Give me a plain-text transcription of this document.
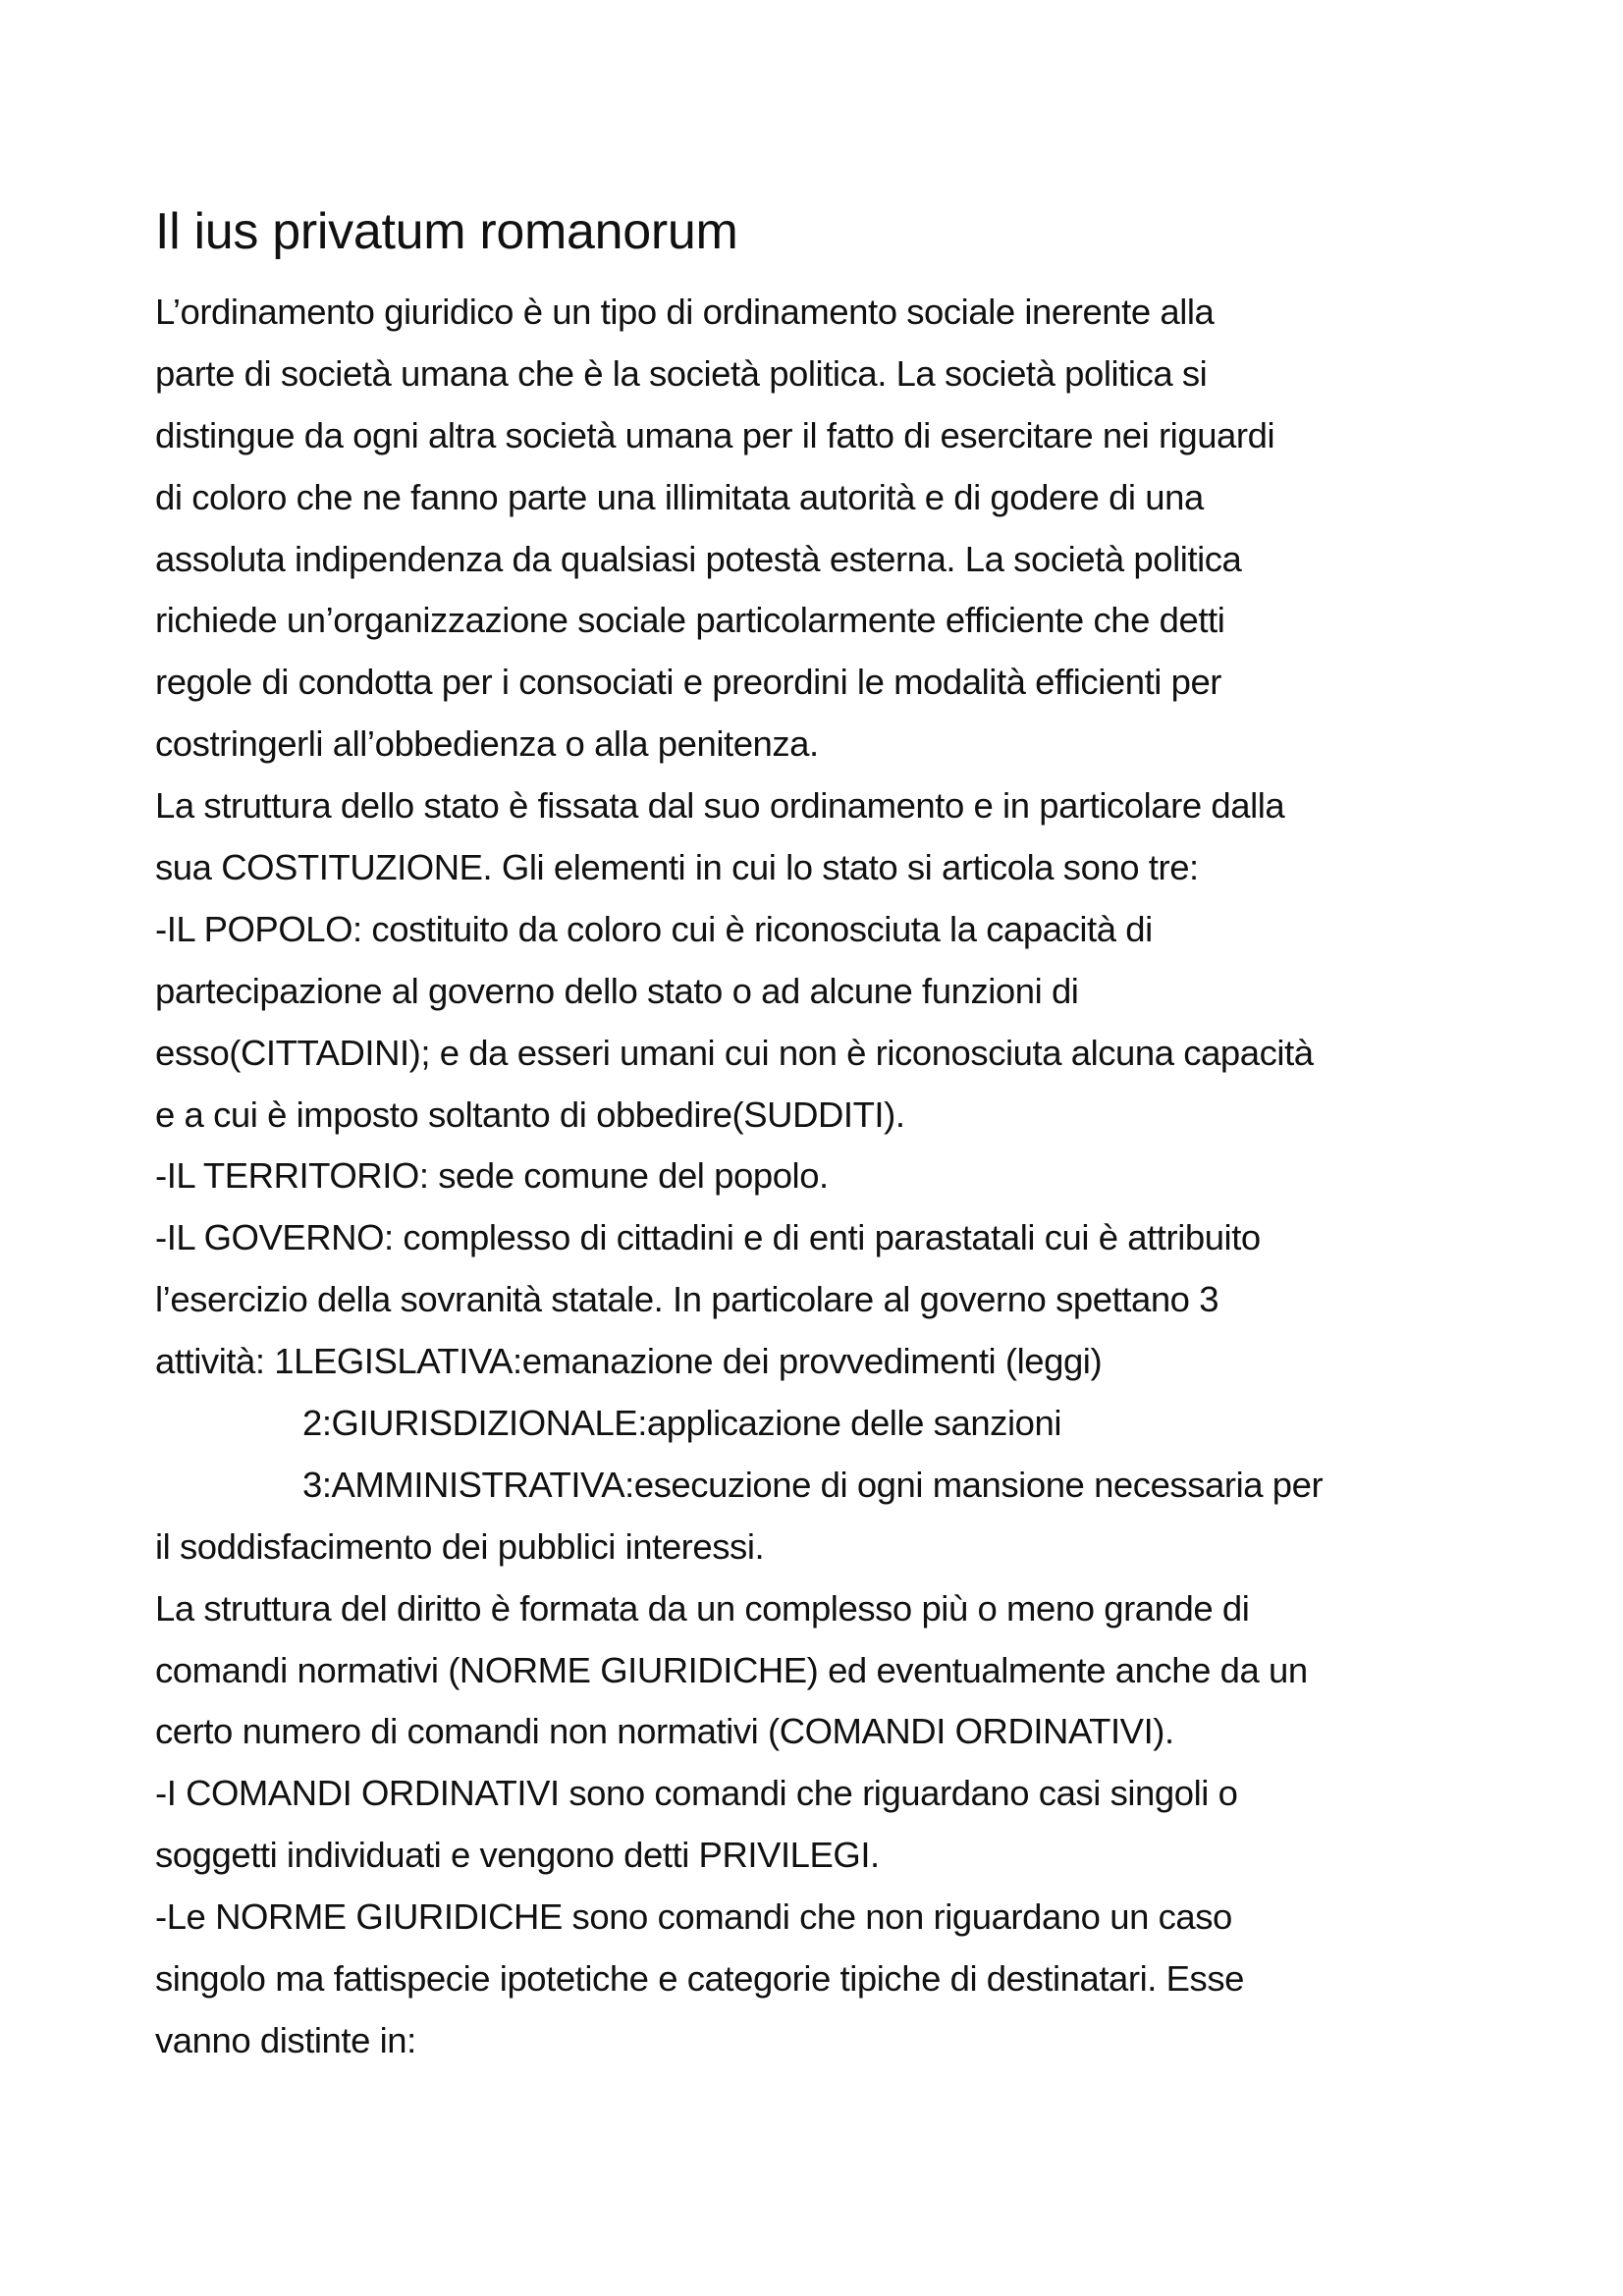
Il ius privatum romanorum
L’ordinamento giuridico è un tipo di ordinamento sociale inerente alla
parte di società umana che è la società politica. La società politica si
distingue da ogni altra società umana per il fatto di esercitare nei riguardi
di coloro che ne fanno parte una illimitata autorità e di godere di una
assoluta indipendenza da qualsiasi potestà esterna. La società politica
richiede un’organizzazione sociale particolarmente efficiente che detti
regole di condotta per i consociati e preordini le modalità efficienti per
costringerli all’obbedienza o alla penitenza.
La struttura dello stato è fissata dal suo ordinamento e in particolare dalla
sua COSTITUZIONE. Gli elementi in cui lo stato si articola sono tre:
-IL POPOLO: costituito da coloro cui è riconosciuta la capacità di
partecipazione al governo dello stato o ad alcune funzioni di
esso(CITTADINI); e da esseri umani cui non è riconosciuta alcuna capacità
e a cui è imposto soltanto di obbedire(SUDDITI).
-IL TERRITORIO: sede comune del popolo.
-IL GOVERNO: complesso di cittadini e di enti parastatali cui è attribuito
l’esercizio della sovranità statale. In particolare al governo spettano 3
attività: 1LEGISLATIVA:emanazione dei provvedimenti (leggi)
2:GIURISDIZIONALE:applicazione delle sanzioni
3:AMMINISTRATIVA:esecuzione di ogni mansione necessaria per
il soddisfacimento dei pubblici interessi.
La struttura del diritto è formata da un complesso più o meno grande di
comandi normativi (NORME GIURIDICHE) ed eventualmente anche da un
certo numero di comandi non normativi (COMANDI ORDINATIVI).
-I COMANDI ORDINATIVI sono comandi che riguardano casi singoli o
soggetti individuati e vengono detti PRIVILEGI.
-Le NORME GIURIDICHE sono comandi che non riguardano un caso
singolo ma fattispecie ipotetiche e categorie tipiche di destinatari. Esse
vanno distinte in:
